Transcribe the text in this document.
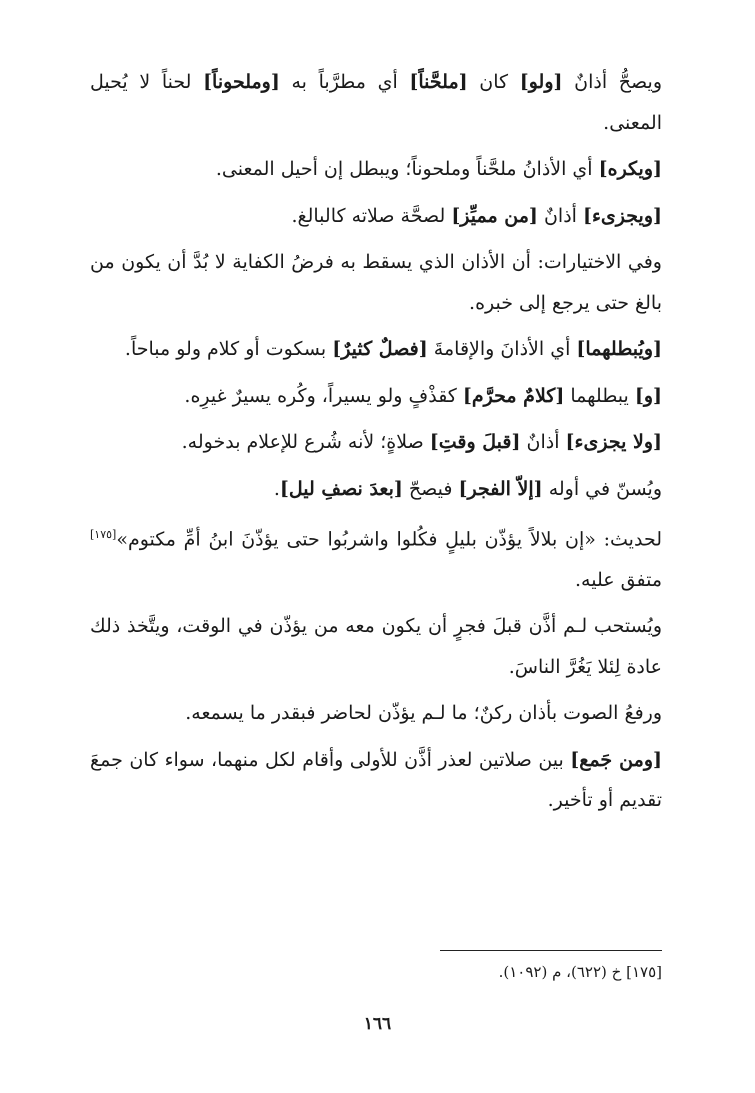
ويصحُّ أذانٌ [ولو] كان [ملحَّناً] أي مطرَّباً به [وملحوناً] لحناً لا يُحيل المعنى.

[ويكره] أي الأذانُ ملحَّناً وملحوناً؛ ويبطل إن أحيل المعنى.

[ويجزىء] أذانٌ [من مميِّز] لصحَّة صلاته كالبالغ.

وفي الاختيارات: أن الأذان الذي يسقط به فرضُ الكفاية لا بُدَّ أن يكون من بالغ حتى يرجع إلى خبره.

[ويُبطلهما] أي الأذانَ والإقامةَ [فصلٌ كثيرٌ] بسكوت أو كلام ولو مباحاً.

[و] يبطلهما [كلامٌ محرَّم] كقذْفٍ ولو يسيراً، وكُره يسيرٌ غيرِه.

[ولا يجزىء] أذانٌ [قبلَ وقتِ] صلاةٍ؛ لأنه شُرع للإعلام بدخوله.

ويُسنّ في أوله [إلاّ الفجر] فيصحّ [بعدَ نصفِ ليل].

لحديث: «إن بلالاً يؤذّن بليلٍ فكُلوا واشربُوا حتى يؤذّنَ ابنُ أمِّ مكتوم»[١٧٥] متفق عليه.

ويُستحب لـم أذَّن قبلَ فجرٍ أن يكون معه من يؤذّن في الوقت، ويتَّخذ ذلك عادة لِئلا يَغُرَّ الناسَ.

ورفعُ الصوت بأذان ركنٌ؛ ما لـم يؤذّن لحاضر فبقدر ما يسمعه.

[ومن جَمع] بين صلاتين لعذر أذَّن للأولى وأقام لكل منهما، سواء كان جمعَ تقديم أو تأخير.

[١٧٥] خ (٦٢٢)، م (١٠٩٢).
١٦٦
